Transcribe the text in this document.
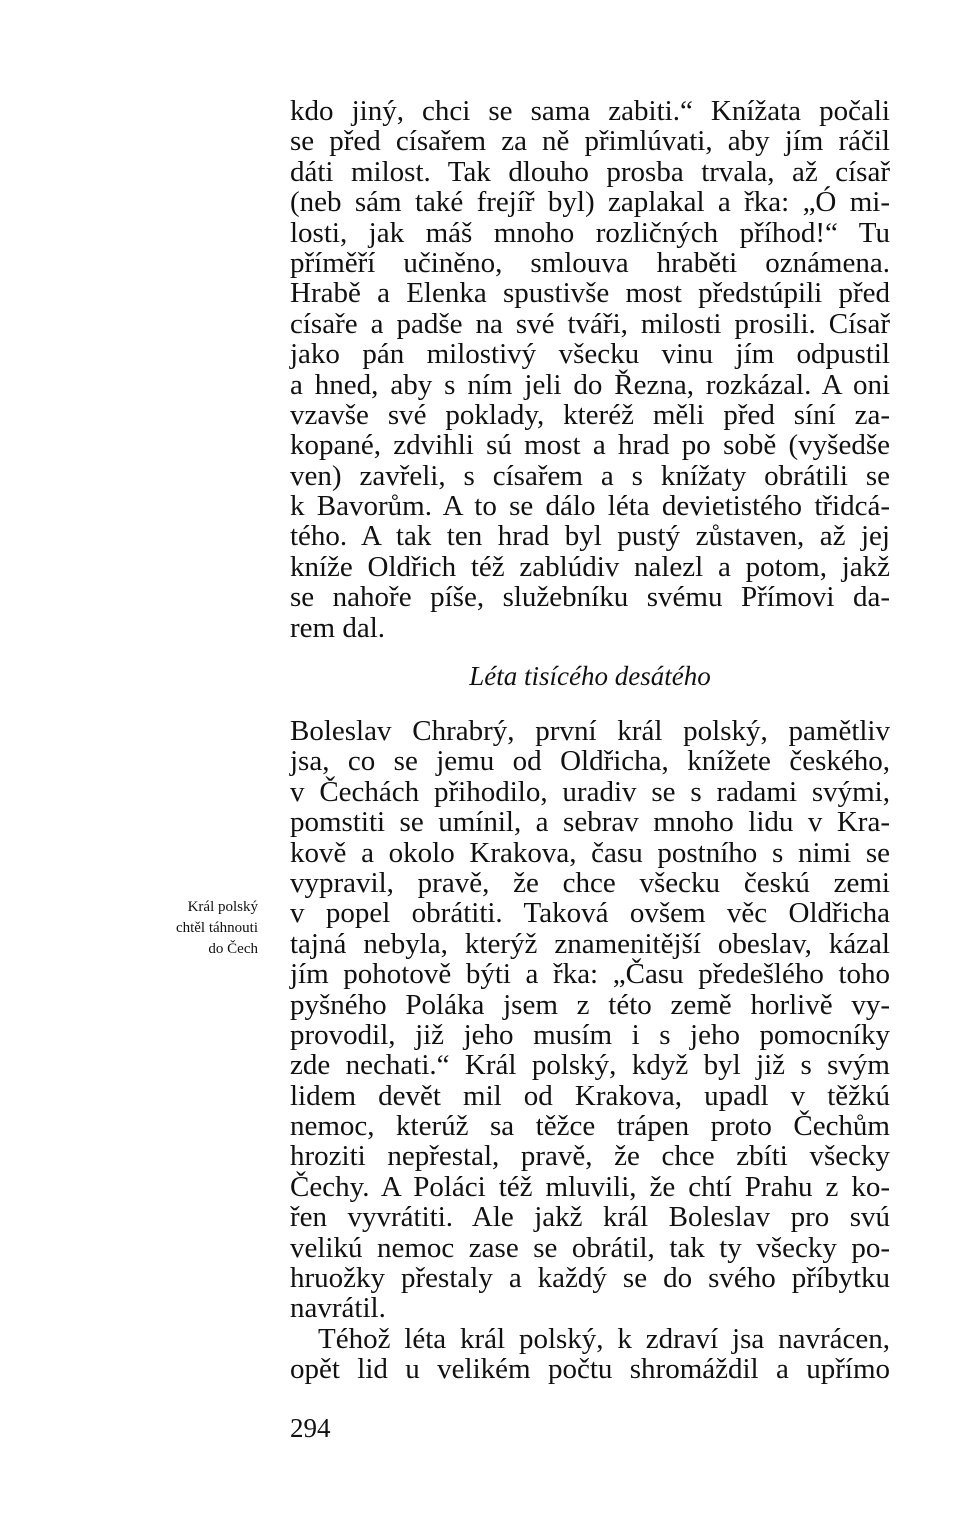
kdo jiný, chci se sama zabiti.“ Knížata počali
se před císařem za ně přimlúvati, aby jím ráčil
dáti milost. Tak dlouho prosba trvala, až císař
(neb sám také frejíř byl) zaplakal a řka: „Ó mi-
losti, jak máš mnoho rozličných příhod!“ Tu
příměří učiněno, smlouva hraběti oznámena.
Hrabě a Elenka spustivše most předstúpili před
císaře a padše na své tváři, milosti prosili. Císař
jako pán milostivý všecku vinu jím odpustil
a hned, aby s ním jeli do Řezna, rozkázal. A oni
vzavše své poklady, kteréž měli před síní za-
kopané, zdvihli sú most a hrad po sobě (vyšedše
ven) zavřeli, s císařem a s knížaty obrátili se
k Bavorům. A to se dálo léta devietistého třidcá-
tého. A tak ten hrad byl pustý zůstaven, až jej
kníže Oldřich též zablúdiv nalezl a potom, jakž
se nahoře píše, služebníku svému Přímovi da-
rem dal.
Léta tisícého desátého
Král polský
chtěl táhnouti
do Čech
Boleslav Chrabrý, první král polský, pamětliv
jsa, co se jemu od Oldřicha, knížete českého,
v Čechách přihodilo, uradiv se s radami svými,
pomstiti se umínil, a sebrav mnoho lidu v Kra-
kově a okolo Krakova, času postního s nimi se
vypravil, pravě, že chce všecku českú zemi
v popel obrátiti. Taková ovšem věc Oldřicha
tajná nebyla, kterýž znamenitější obeslav, kázal
jím pohotově býti a řka: „Času předešlého toho
pyšného Poláka jsem z této země horlivě vy-
provodil, již jeho musím i s jeho pomocníky
zde nechati.“ Král polský, když byl již s svým
lidem devět mil od Krakova, upadl v těžkú
nemoc, kterúž sa těžce trápen proto Čechům
hroziti nepřestal, pravě, že chce zbíti všecky
Čechy. A Poláci též mluvili, že chtí Prahu z ko-
řen vyvrátiti. Ale jakž král Boleslav pro svú
velikú nemoc zase se obrátil, tak ty všecky po-
hruožky přestaly a každý se do svého příbytku
navrátil.
Téhož léta král polský, k zdraví jsa navrácen,
opět lid u velikém počtu shromáždil a upřímo
294
